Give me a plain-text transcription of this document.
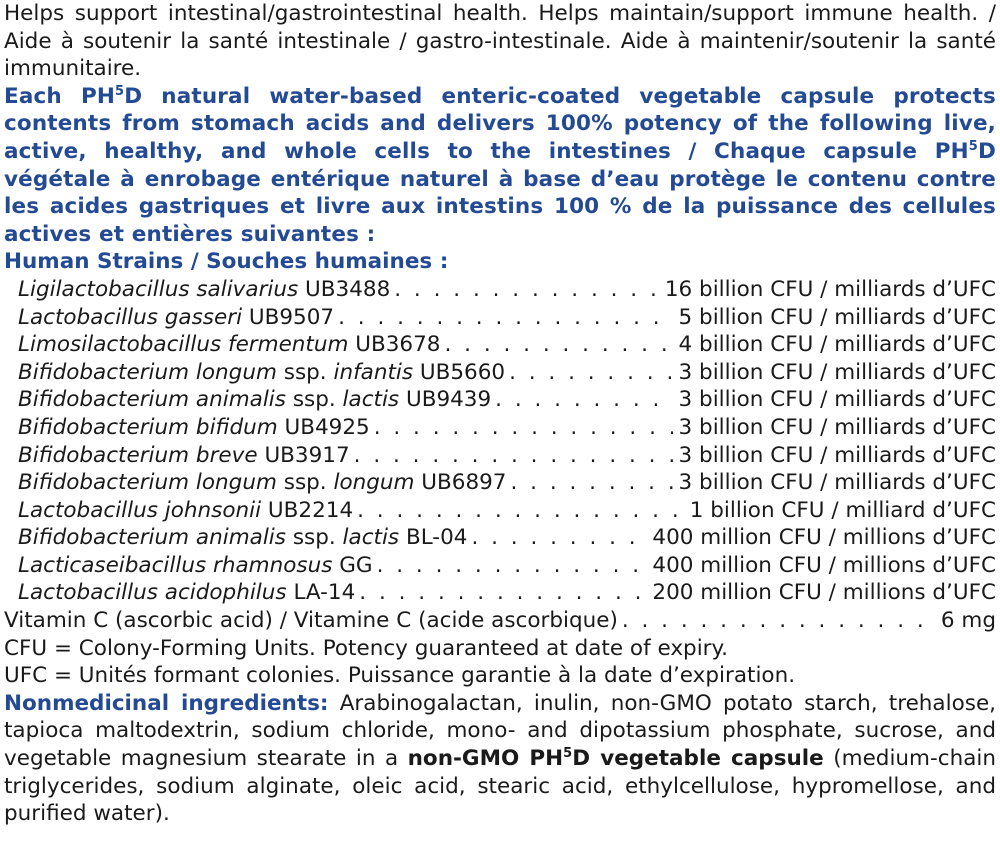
Helps support intestinal/gastrointestinal health. Helps maintain/support immune health. / Aide à soutenir la santé intestinale / gastro-intestinale. Aide à maintenir/soutenir la santé immunitaire.

Each $PH^5D$ natural water-based enteric-coated vegetable capsule protects contents from stomach acids and delivers 100% potency of the following live, active, healthy, and whole cells to the intestines / Chaque capsule $PH^5D$ végétale à enrobage entérique naturel à base d’eau protège le contenu contre les acides gastriques et livre aux intestins 100 % de la puissance des cellules actives et entières suivantes :

Human Strains / Souches humaines :

Ligilactobacillus salivarius UB3488 . . .	16 billion CFU / milliards d’UFC
Lactobacillus gasseri UB9507 . . .	5 billion CFU / milliards d’UFC
Limosilactobacillus fermentum UB3678 . . .	4 billion CFU / milliards d’UFC
Bifidobacterium longum ssp. infantis UB5660 . . .	3 billion CFU / milliards d’UFC
Bifidobacterium animalis ssp. lactis UB9439 . . .	3 billion CFU / milliards d’UFC
Bifidobacterium bifidum UB4925 . . .	3 billion CFU / milliards d’UFC
Bifidobacterium breve UB3917 . . .	3 billion CFU / milliards d’UFC
Bifidobacterium longum ssp. longum UB6897 . . .	3 billion CFU / milliards d’UFC
Lactobacillus johnsonii UB2214 . . .	1 billion CFU / milliard d’UFC
Bifidobacterium animalis ssp. lactis BL-04 . . .	400 million CFU / millions d’UFC
Lacticaseibacillus rhamnosus GG . . .	400 million CFU / millions d’UFC
Lactobacillus acidophilus LA-14 . . .	200 million CFU / millions d’UFC
Vitamin C (ascorbic acid) / Vitamine C (acide ascorbique) . . .	6 mg

CFU = Colony-Forming Units. Potency guaranteed at date of expiry.

UFC = Unités formant colonies. Puissance garantie à la date d’expiration.

Nonmedicinal ingredients: Arabinogalactan, inulin, non-GMO potato starch, trehalose, tapioca maltodextrin, sodium chloride, mono- and dipotassium phosphate, sucrose, and vegetable magnesium stearate in a non-GMO $PH^5D$ vegetable capsule (medium-chain triglycerides, sodium alginate, oleic acid, stearic acid, ethylcellulose, hypromellose, and purified water).
